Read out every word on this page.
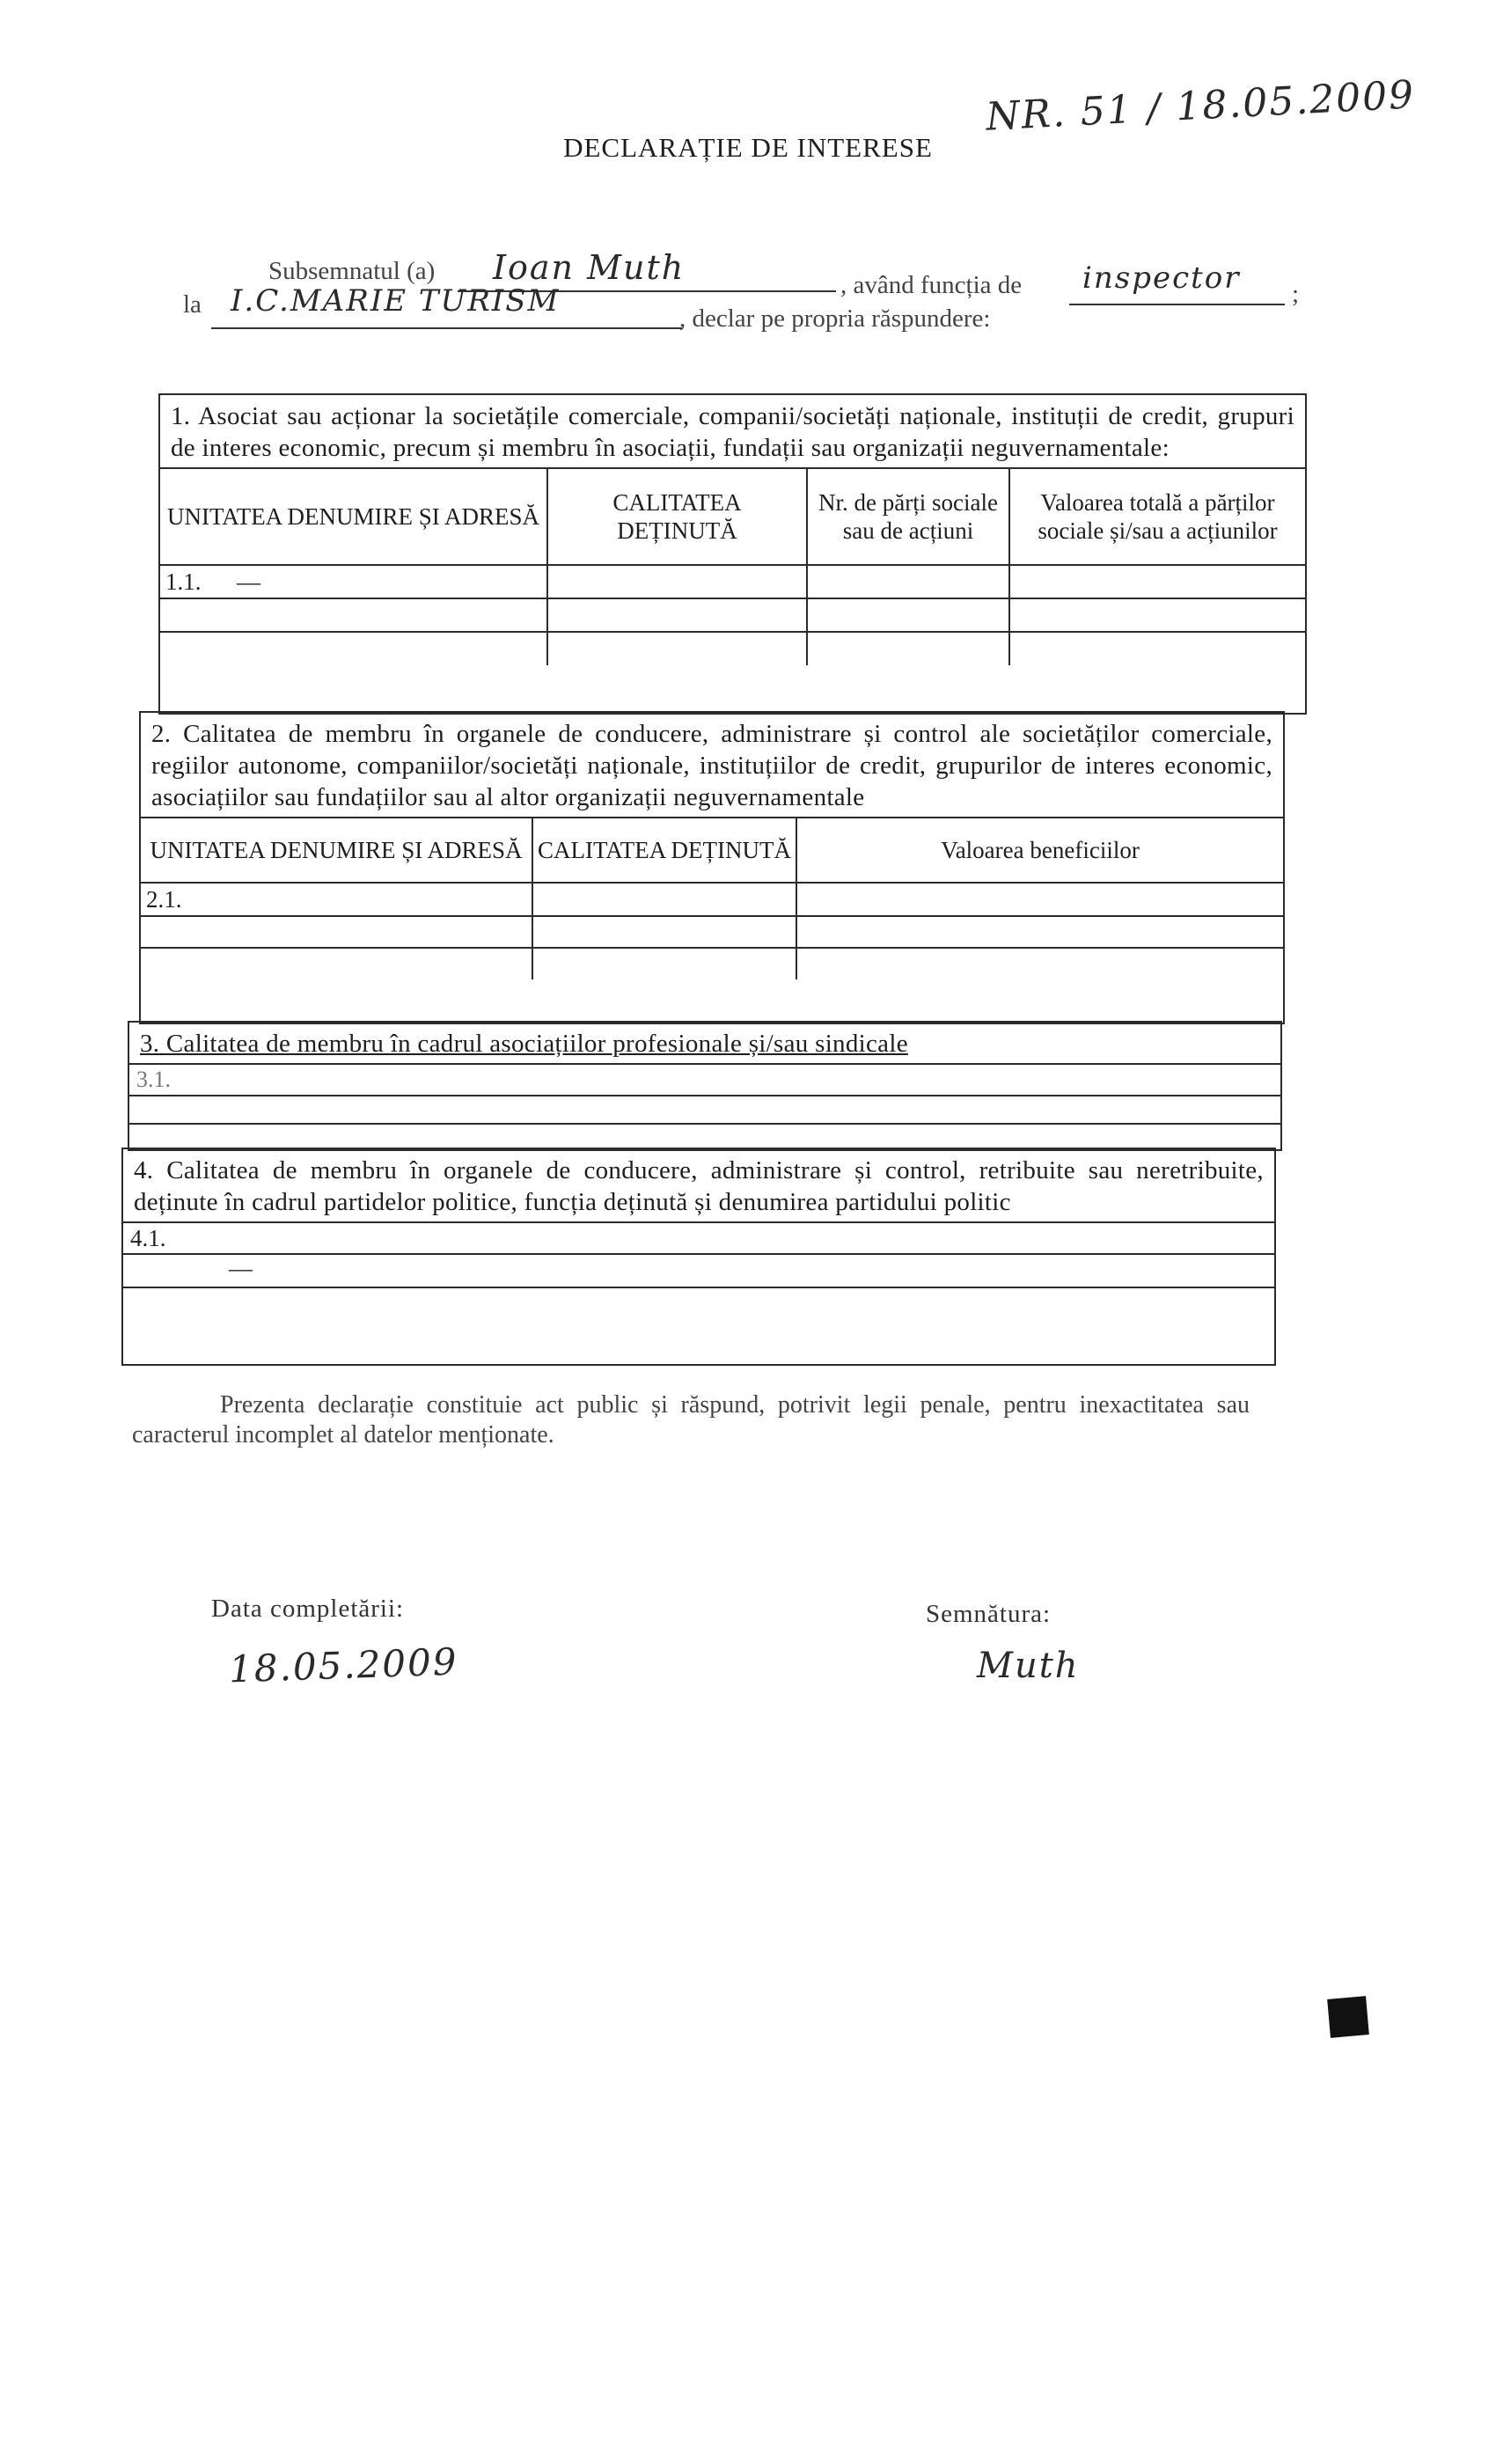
NR. 51 / 18.05.2009
DECLARAȚIE DE INTERESE
Subsemnatul (a) Ioan Muth	, având funcția de inspector ;
la I.C.MARIE TURISM	, declar pe propria răspundere:
1. Asociat sau acționar la societățile comerciale, companii/societăți naționale, instituții de credit, grupuri de interes economic, precum și membru în asociații, fundații sau organizații neguvernamentale:
UNITATEA DENUMIRE ȘI ADRESĂ	CALITATEA DEȚINUTĂ	Nr. de părți sociale sau de acțiuni	Valoarea totală a părților sociale și/sau a acțiunilor
1.1. —			

2. Calitatea de membru în organele de conducere, administrare și control ale societăților comerciale, regiilor autonome, companiilor/societăți naționale, instituțiilor de credit, grupurilor de interes economic, asociațiilor sau fundațiilor sau al altor organizații neguvernamentale
UNITATEA DENUMIRE ȘI ADRESĂ	CALITATEA DEȚINUTĂ	Valoarea beneficiilor
2.1.		

3. Calitatea de membru în cadrul asociațiilor profesionale și/sau sindicale
3.1.
4. Calitatea de membru în organele de conducere, administrare și control, retribuite sau neretribuite, deținute în cadrul partidelor politice, funcția deținută și denumirea partidului politic
4.1.
—
Prezenta declarație constituie act public și răspund, potrivit legii penale, pentru inexactitatea sau caracterul incomplet al datelor menționate.
Data completării:
18.05.2009
Semnătura:
Muth
